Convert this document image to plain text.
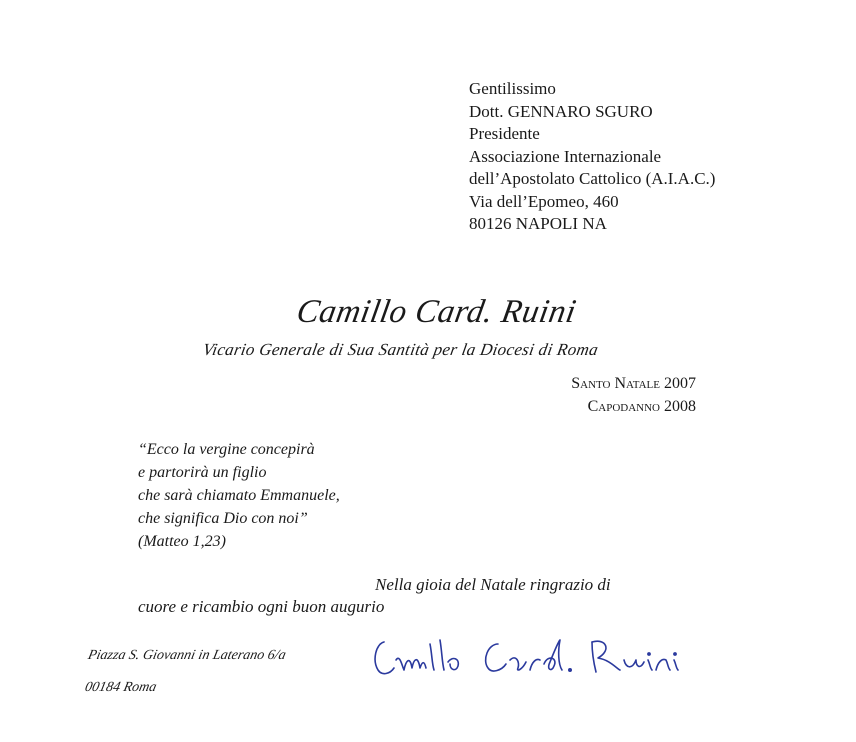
Gentilissimo
Dott. GENNARO SGURO
Presidente
Associazione Internazionale
dell’Apostolato Cattolico (A.I.A.C.)
Via dell’Epomeo, 460
80126 NAPOLI NA
Camillo Card. Ruini
Vicario Generale di Sua Santità per la Diocesi di Roma
Santo Natale 2007
Capodanno 2008
“Ecco la vergine concepirà
e partorirà un figlio
che sarà chiamato Emmanuele,
che significa Dio con noi”
(Matteo 1,23)
Nella gioia del Natale ringrazio di
cuore e ricambio ogni buon augurio
Piazza S. Giovanni in Laterano 6/a
00184 Roma
